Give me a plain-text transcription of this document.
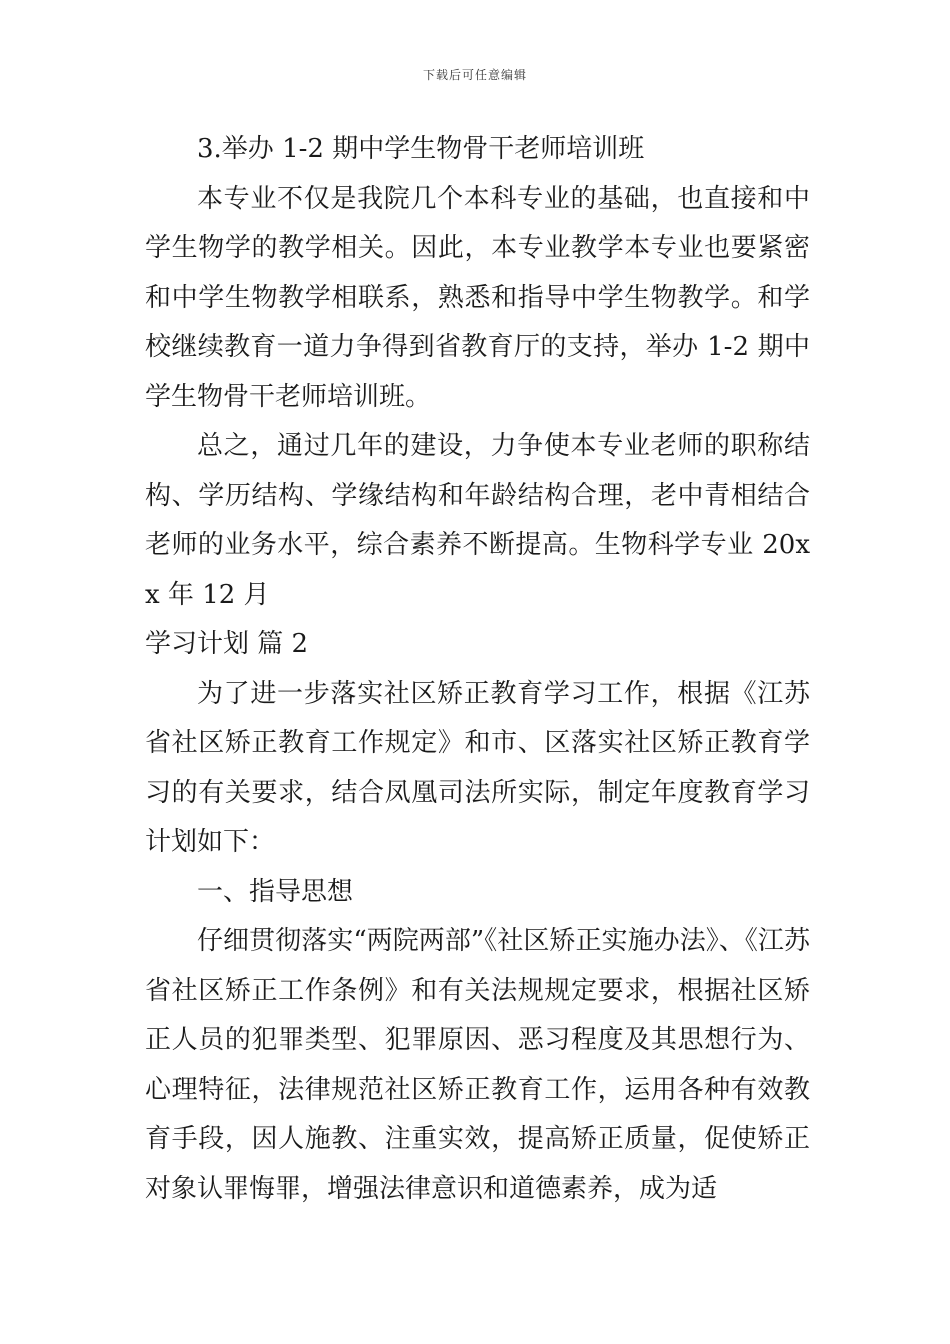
下载后可任意编辑

3.举办 1-2 期中学生物骨干老师培训班

本专业不仅是我院几个本科专业的基础，也直接和中学生物学的教学相关。因此，本专业教学本专业也要紧密和中学生物教学相联系，熟悉和指导中学生物教学。和学校继续教育一道力争得到省教育厅的支持，举办 1-2 期中学生物骨干老师培训班。

总之，通过几年的建设，力争使本专业老师的职称结构、学历结构、学缘结构和年龄结构合理，老中青相结合老师的业务水平，综合素养不断提高。生物科学专业 20xx 年 12 月

学习计划 篇 2

为了进一步落实社区矫正教育学习工作，根据《江苏省社区矫正教育工作规定》和市、区落实社区矫正教育学习的有关要求，结合凤凰司法所实际，制定年度教育学习计划如下：

一、指导思想

仔细贯彻落实“两院两部”《社区矫正实施办法》、《江苏省社区矫正工作条例》和有关法规规定要求，根据社区矫正人员的犯罪类型、犯罪原因、恶习程度及其思想行为、心理特征，法律规范社区矫正教育工作，运用各种有效教育手段，因人施教、注重实效，提高矫正质量，促使矫正对象认罪悔罪，增强法律意识和道德素养，成为适
